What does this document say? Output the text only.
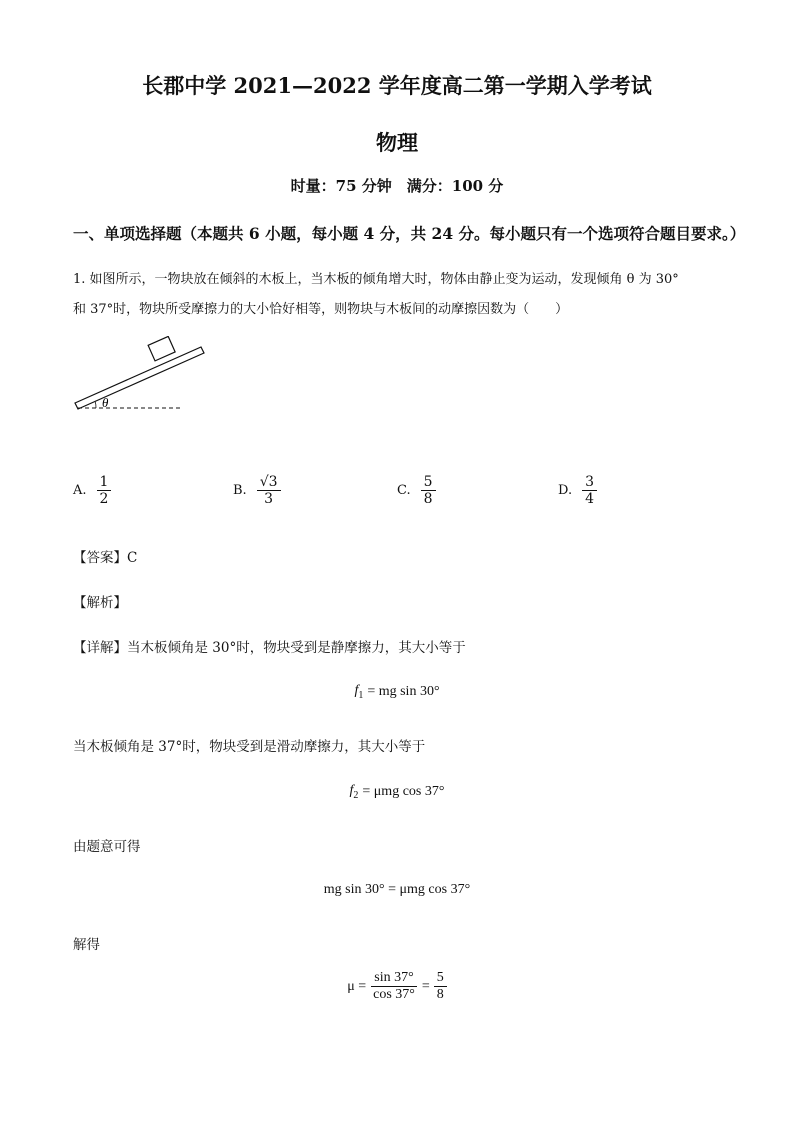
长郡中学 2021—2022 学年度高二第一学期入学考试
物理
时量：75 分钟　满分：100 分
一、单项选择题（本题共 6 小题，每小题 4 分，共 24 分。每小题只有一个选项符合题目要求。）
1. 如图所示，一物块放在倾斜的木板上，当木板的倾角增大时，物体由静止变为运动，发现倾角 θ 为 30°
和 37°时，物块所受摩擦力的大小恰好相等，则物块与木板间的动摩擦因数为（　　）
θ
A. $\frac{1}{2}$	B. $\frac{√3}{3}$	C. $\frac{5}{8}$	D. $\frac{3}{4}$
【答案】C
【解析】
【详解】当木板倾角是 30°时，物块受到是静摩擦力，其大小等于
$f_1$ = mg sin 30°
当木板倾角是 37°时，物块受到是滑动摩擦力，其大小等于
$f_2 = \mu mg$ cos 37°
由题意可得
mg sin 30° = μmg cos 37°
解得
$\mu = \frac{\sin 37^\circ}{\cos 37^\circ} = \frac{5}{8}$
